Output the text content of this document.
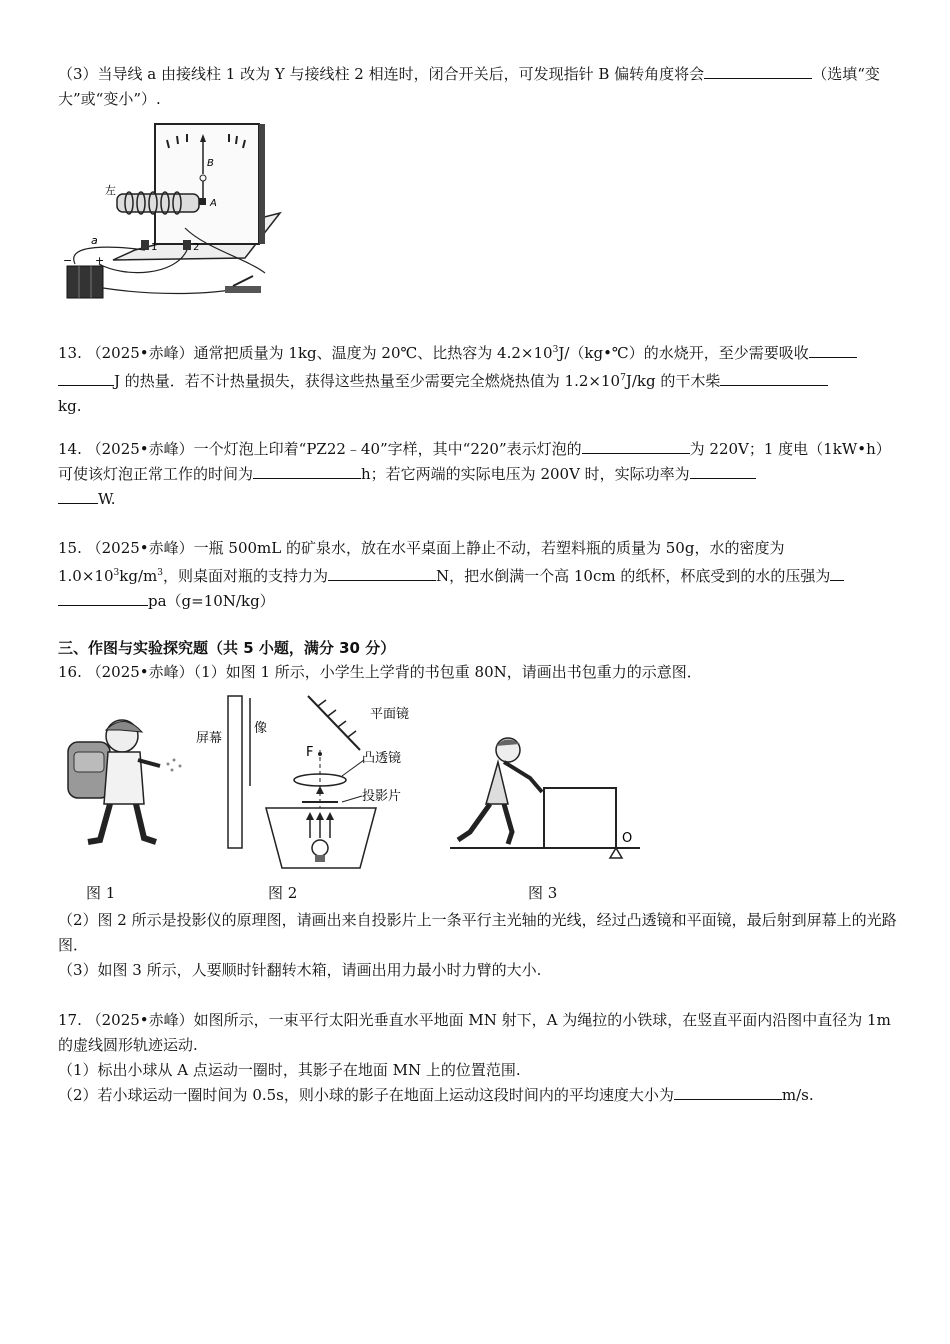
（3）当导线 a 由接线柱 1 改为 Y 与接线柱 2 相连时，闭合开关后，可发现指针 B 偏转角度将会	（选填“变大”或“变小”）.

B
A
左
1	2
− +
a

13. （2025•赤峰）通常把质量为 1kg、温度为 20℃、比热容为 $4.2\times 10^3J/(kg•℃)$的水烧开，至少需要吸收
J 的热量．若不计热量损失，获得这些热量至少需要完全燃烧热值为 $1.2\times 10^7J/kg$ 的干木柴
kg.

14. （2025•赤峰）一个灯泡上印着“PZ22﹣40”字样，其中“220”表示灯泡的	为 220V；1 度电（1kW•h）可使该灯泡正常工作的时间为	h；若它两端的实际电压为 200V 时，实际功率为
W.

15. （2025•赤峰）一瓶 500mL 的矿泉水，放在水平桌面上静止不动，若塑料瓶的质量为 50g，水的密度为 $1.0\times 10^3kg/m^3$，则桌面对瓶的支持力为	N，把水倒满一个高 10cm 的纸杯，杯底受到的水的压强为
pa（g=10N/kg）

三、作图与实验探究题（共 5 小题，满分 30 分）

16. （2025•赤峰）（1）如图 1 所示，小学生上学背的书包重 80N，请画出书包重力的示意图．

屏幕
像
平面镜
F	凸透镜
投影片
O
图 1	图 2	图 3

（2）图 2 所示是投影仪的原理图，请画出来自投影片上一条平行主光轴的光线，经过凸透镜和平面镜，最后射到屏幕上的光路图．

（3）如图 3 所示，人要顺时针翻转木箱，请画出用力最小时力臂的大小.

17. （2025•赤峰）如图所示，一束平行太阳光垂直水平地面 MN 射下，A 为绳拉的小铁球，在竖直平面内沿图中直径为 1m 的虚线圆形轨迹运动.

（1）标出小球从 A 点运动一圈时，其影子在地面 MN 上的位置范围.

（2）若小球运动一圈时间为 0.5s，则小球的影子在地面上运动这段时间内的平均速度大小为	m/s.
